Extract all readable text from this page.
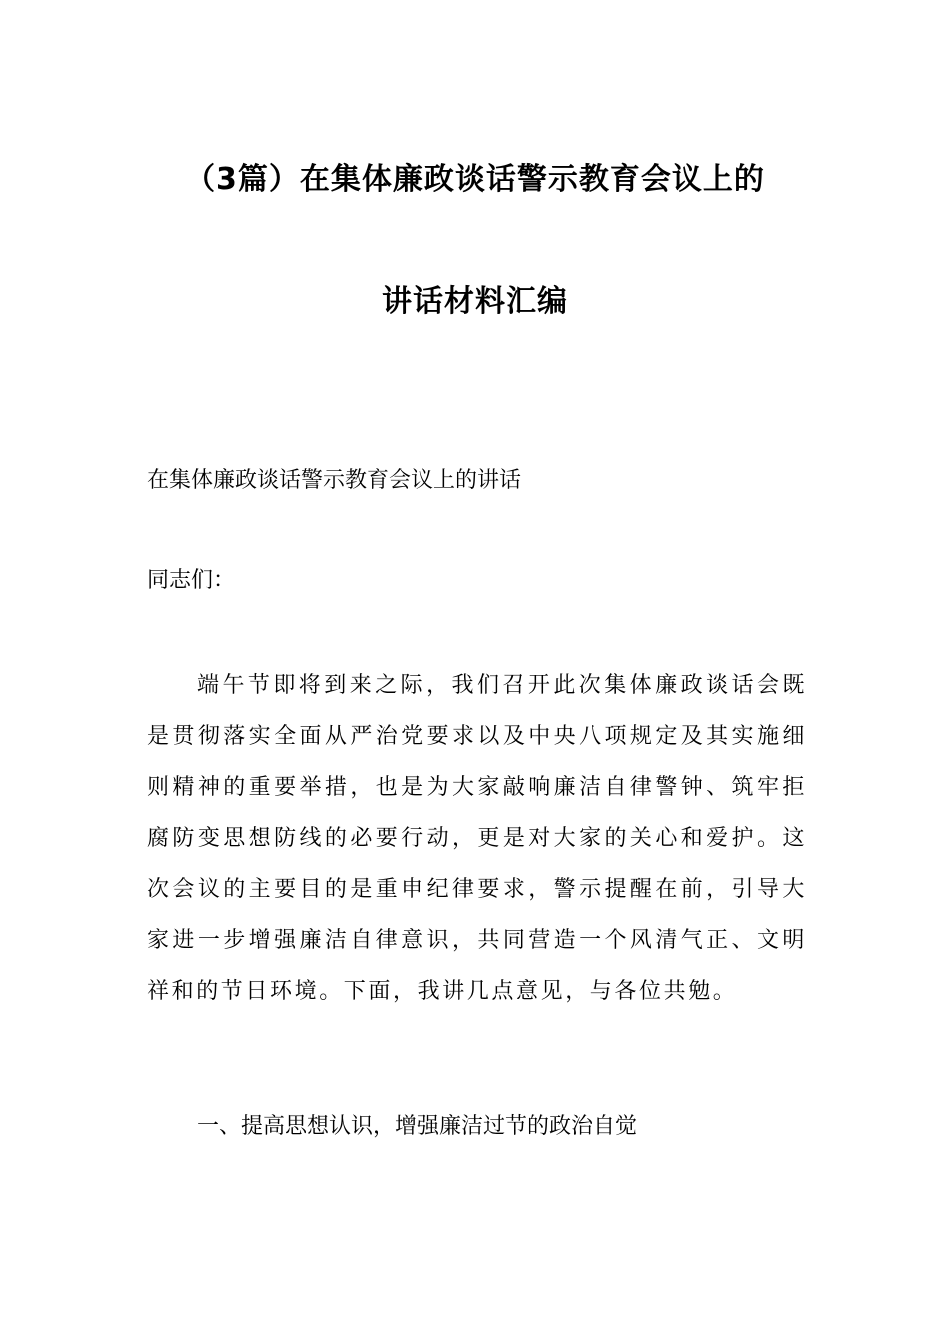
（3篇）在集体廉政谈话警示教育会议上的
讲话材料汇编

在集体廉政谈话警示教育会议上的讲话

同志们：

端午节即将到来之际，我们召开此次集体廉政谈话会既是贯彻落实全面从严治党要求以及中央八项规定及其实施细则精神的重要举措，也是为大家敲响廉洁自律警钟、筑牢拒腐防变思想防线的必要行动，更是对大家的关心和爱护。这次会议的主要目的是重申纪律要求，警示提醒在前，引导大家进一步增强廉洁自律意识，共同营造一个风清气正、文明祥和的节日环境。下面，我讲几点意见，与各位共勉。

一、提高思想认识，增强廉洁过节的政治自觉
